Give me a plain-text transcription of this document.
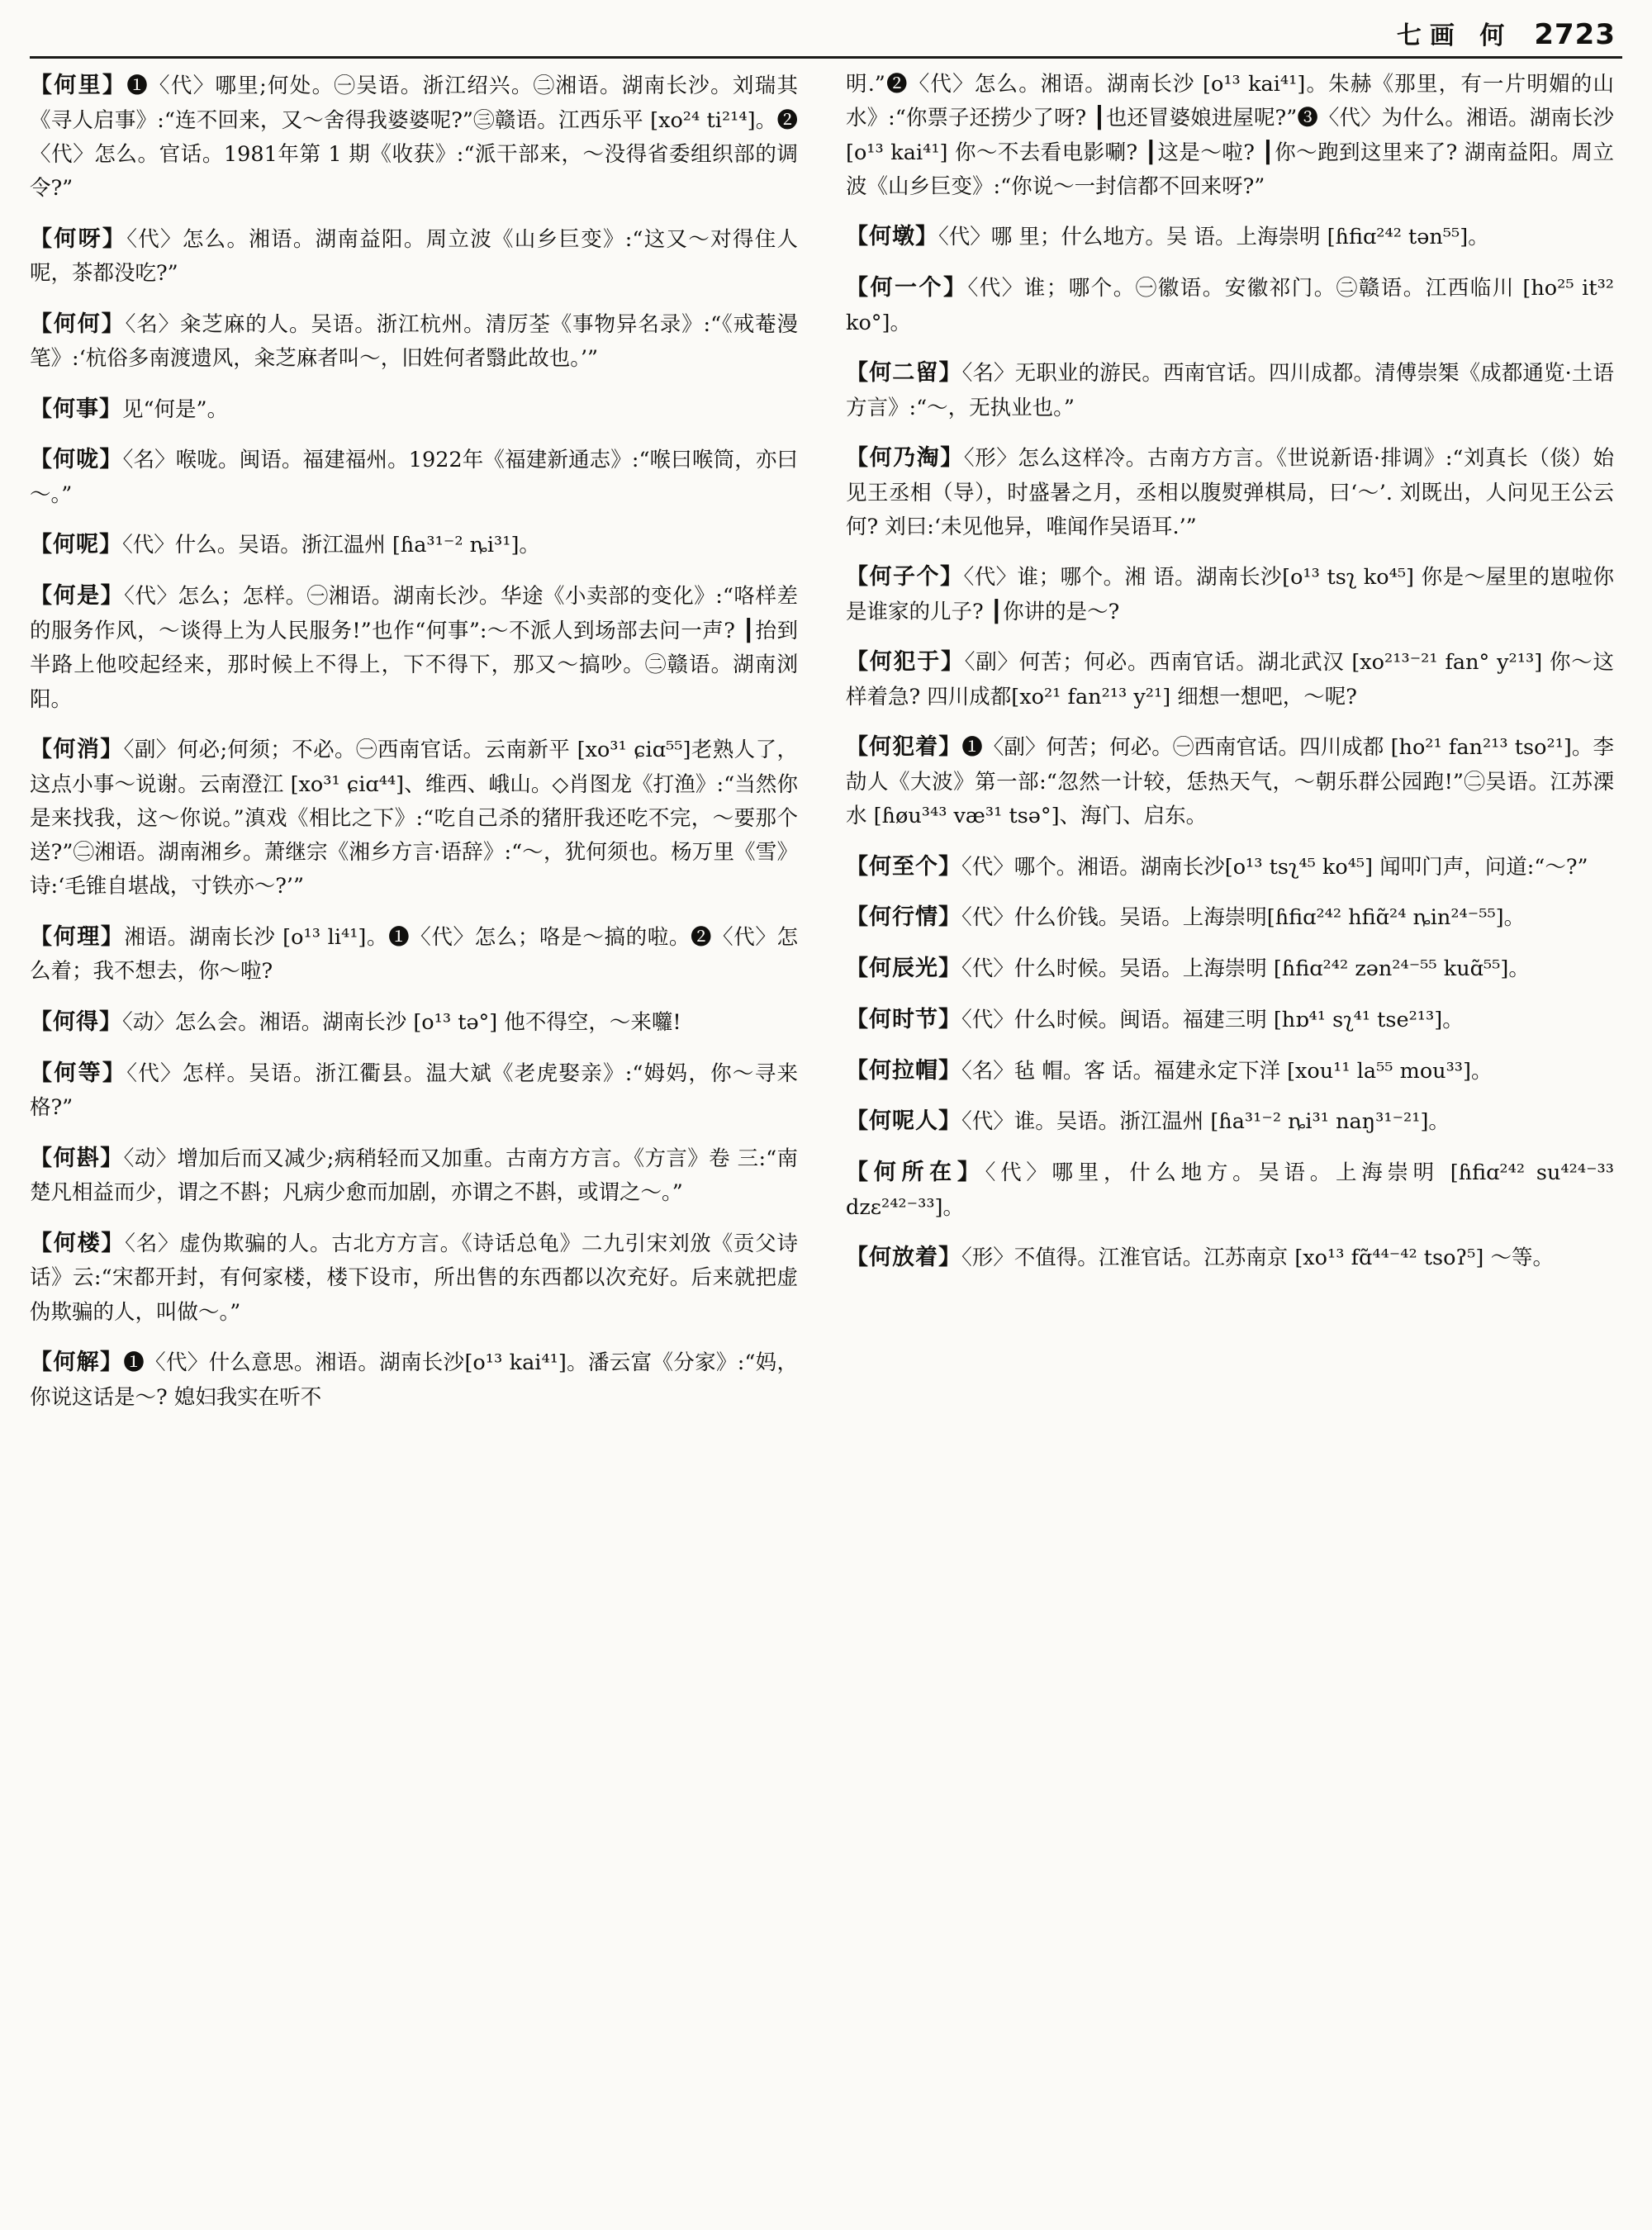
七画 何 2723
【何里】❶〈代〉哪里;何处。㊀吴语。浙江绍兴。㊁湘语。湖南长沙。刘瑞其《寻人启事》:“连不回来，又～舍得我婆婆呢?”㊂赣语。江西乐平 [xo²⁴ ti²¹⁴]。❷〈代〉怎么。官话。1981年第 1 期《收获》:“派干部来，～没得省委组织部的调令?”
【何呀】〈代〉怎么。湘语。湖南益阳。周立波《山乡巨变》:“这又～对得住人呢，茶都没吃?”
【何何】〈名〉籴芝麻的人。吴语。浙江杭州。清厉荃《事物异名录》:“《戒菴漫笔》:‘杭俗多南渡遗风，籴芝麻者叫～，旧姓何者翳此故也。’”
【何事】见“何是”。
【何咙】〈名〉喉咙。闽语。福建福州。1922年《福建新通志》:“喉曰喉筒，亦曰～。”
【何呢】〈代〉什么。吴语。浙江温州 [ɦa³¹⁻² ȵi³¹]。
【何是】〈代〉怎么；怎样。㊀湘语。湖南长沙。华途《小卖部的变化》:“咯样差的服务作风，～谈得上为人民服务!”也作“何事”:～不派人到场部去问一声? ┃抬到半路上他咬起经来，那时候上不得上，下不得下，那又～搞吵。㊁赣语。湖南浏阳。
【何消】〈副〉何必;何须；不必。㊀西南官话。云南新平 [xo³¹ ɕiɑ⁵⁵]老熟人了，这点小事～说谢。云南澄江 [xo³¹ ɕiɑ⁴⁴]、维西、峨山。◇肖图龙《打渔》:“当然你是来找我，这～你说。”滇戏《相比之下》:“吃自己杀的猪肝我还吃不完，～要那个送?”㊁湘语。湖南湘乡。萧继宗《湘乡方言·语辞》:“～，犹何须也。杨万里《雪》诗:‘毛锥自堪战，寸铁亦～?’”
【何理】湘语。湖南长沙 [o¹³ li⁴¹]。❶〈代〉怎么；咯是～搞的啦。❷〈代〉怎么着；我不想去，你～啦?
【何得】〈动〉怎么会。湘语。湖南长沙 [o¹³ tə°] 他不得空，～来囖!
【何等】〈代〉怎样。吴语。浙江衢县。温大斌《老虎娶亲》:“姆妈，你～寻来格?”
【何斟】〈动〉增加后而又减少;病稍轻而又加重。古南方方言。《方言》卷 三:“南楚凡相益而少，谓之不斟；凡病少愈而加剧，亦谓之不斟，或谓之～。”
【何楼】〈名〉虚伪欺骗的人。古北方方言。《诗话总龟》二九引宋刘攽《贡父诗话》云:“宋都开封，有何家楼，楼下设市，所出售的东西都以次充好。后来就把虚伪欺骗的人，叫做～。”
【何解】❶〈代〉什么意思。湘语。湖南长沙[o¹³ kai⁴¹]。潘云富《分家》:“妈，你说这话是～? 媳妇我实在听不
明.”❷〈代〉怎么。湘语。湖南长沙 [o¹³ kai⁴¹]。朱赫《那里，有一片明媚的山水》:“你票子还捞少了呀? ┃也还冒婆娘进屋呢?”❸〈代〉为什么。湘语。湖南长沙 [o¹³ kai⁴¹] 你～不去看电影唰? ┃这是～啦? ┃你～跑到这里来了? 湖南益阳。周立波《山乡巨变》:“你说～一封信都不回来呀?”
【何墩】〈代〉哪 里；什么地方。吴 语。上海崇明 [ɦfiɑ²⁴² tən⁵⁵]。
【何一个】〈代〉谁；哪个。㊀徽语。安徽祁门。㊁赣语。江西临川 [ho²⁵ it³² ko°]。
【何二留】〈名〉无职业的游民。西南官话。四川成都。清傅崇榘《成都通览·土语方言》:“～，无执业也。”
【何乃淘】〈形〉怎么这样冷。古南方方言。《世说新语·排调》:“刘真长（倓）始见王丞相（导），时盛暑之月，丞相以腹熨弹棋局，曰‘～’. 刘既出，人问见王公云何? 刘曰:‘未见他异，唯闻作吴语耳.’”
【何子个】〈代〉谁；哪个。湘 语。湖南长沙[o¹³ tsʅ ko⁴⁵] 你是～屋里的崽啦你是谁家的儿子? ┃你讲的是～?
【何犯于】〈副〉何苦；何必。西南官话。湖北武汉 [xo²¹³⁻²¹ fan° y²¹³] 你～这样着急? 四川成都[xo²¹ fan²¹³ y²¹] 细想一想吧，～呢?
【何犯着】❶〈副〉何苦；何必。㊀西南官话。四川成都 [ho²¹ fan²¹³ tso²¹]。李劼人《大波》第一部:“忽然一计较，恁热天气，～朝乐群公园跑!”㊁吴语。江苏溧水 [ɦøu³⁴³ væ³¹ tsə°]、海门、启东。
【何至个】〈代〉哪个。湘语。湖南长沙[o¹³ tsʅ⁴⁵ ko⁴⁵] 闻叩门声，问道:“～?”
【何行情】〈代〉什么价钱。吴语。上海崇明[ɦfiɑ²⁴² hfiɑ̃²⁴ ȵin²⁴⁻⁵⁵]。
【何辰光】〈代〉什么时候。吴语。上海崇明 [ɦfiɑ²⁴² zən²⁴⁻⁵⁵ kuɑ̃⁵⁵]。
【何时节】〈代〉什么时候。闽语。福建三明 [hɒ⁴¹ sʅ⁴¹ tse²¹³]。
【何拉帽】〈名〉毡 帽。客 话。福建永定下洋 [xou¹¹ la⁵⁵ mou³³]。
【何呢人】〈代〉谁。吴语。浙江温州 [ɦa³¹⁻² ȵi³¹ naŋ³¹⁻²¹]。
【何所在】〈代〉哪里，什么地方。吴语。上海崇明 [ɦfiɑ²⁴² su⁴²⁴⁻³³ dzɛ²⁴²⁻³³]。
【何放着】〈形〉不值得。江淮官话。江苏南京 [xo¹³ fɑ̃⁴⁴⁻⁴² tsoʔ⁵] ～等。
